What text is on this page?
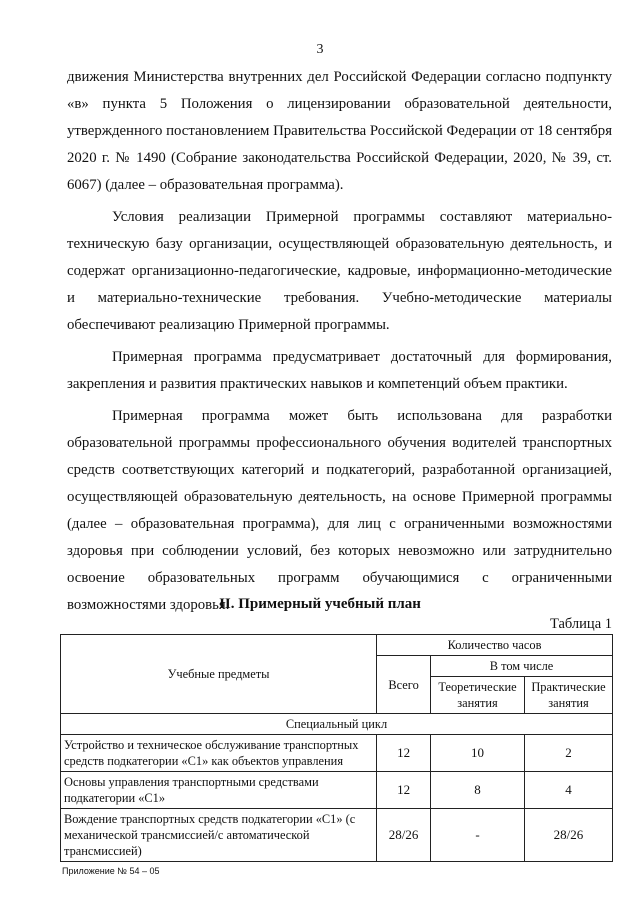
3

движения Министерства внутренних дел Российской Федерации согласно подпункту «в» пункта 5 Положения о лицензировании образовательной деятельности, утвержденного постановлением Правительства Российской Федерации от 18 сентября 2020 г. № 1490 (Собрание законодательства Российской Федерации, 2020, № 39, ст. 6067) (далее – образовательная программа).

Условия реализации Примерной программы составляют материально-техническую базу организации, осуществляющей образовательную деятельность, и содержат организационно-педагогические, кадровые, информационно-методические и материально-технические требования. Учебно-методические материалы обеспечивают реализацию Примерной программы.

Примерная программа предусматривает достаточный для формирования, закрепления и развития практических навыков и компетенций объем практики.

Примерная программа может быть использована для разработки образовательной программы профессионального обучения водителей транспортных средств соответствующих категорий и подкатегорий, разработанной организацией, осуществляющей образовательную деятельность, на основе Примерной программы (далее – образовательная программа), для лиц с ограниченными возможностями здоровья при соблюдении условий, без которых невозможно или затруднительно освоение образовательных программ обучающимися с ограниченными возможностями здоровья.

II. Примерный учебный план
Таблица 1
Учебные предметы	Количество часов		
	Всего	В том числе	
		Теоретические занятия	Практические занятия
Специальный цикл			
Устройство и техническое обслуживание транспортных средств подкатегории «C1» как объектов управления	12	10	2
Основы управления транспортными средствами подкатегории «C1»	12	8	4
Вождение транспортных средств подкатегории «C1» (с механической трансмиссией/с автоматической трансмиссией)	28/26	-	28/26
Приложение № 54 – 05
